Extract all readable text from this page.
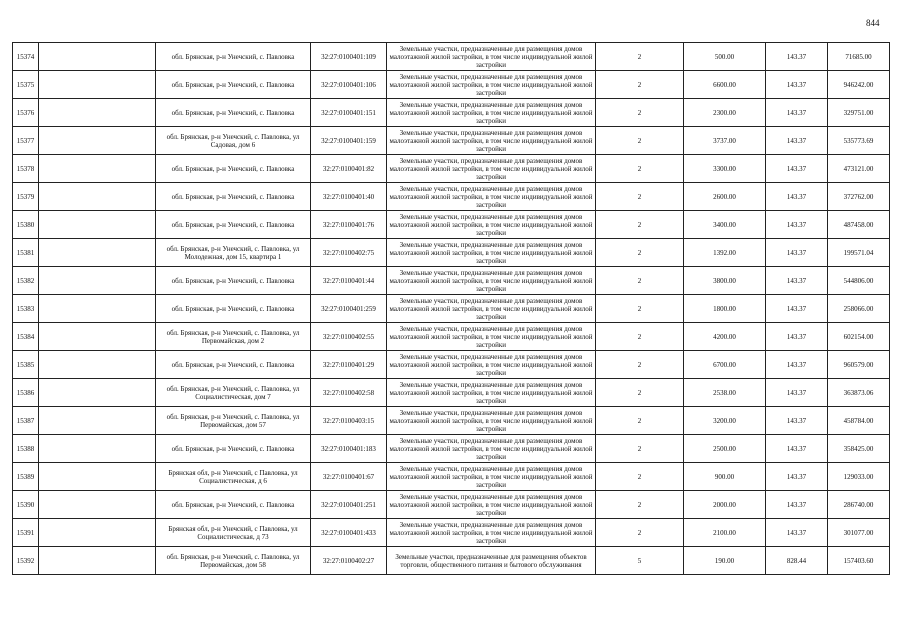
844
15374		обл. Брянская, р-н Унечский, с. Павловка	32:27:0100401:109	Земельные участки, предназначенные для размещения домов малоэтажной жилой застройки, в том числе индивидуальной жилой застройки	2	500.00	143.37	71685.00
15375		обл. Брянская, р-н Унечский, с. Павловка	32:27:0100401:106	Земельные участки, предназначенные для размещения домов малоэтажной жилой застройки, в том числе индивидуальной жилой застройки	2	6600.00	143.37	946242.00
15376		обл. Брянская, р-н Унечский, с. Павловка	32:27:0100401:151	Земельные участки, предназначенные для размещения домов малоэтажной жилой застройки, в том числе индивидуальной жилой застройки	2	2300.00	143.37	329751.00
15377		обл. Брянская, р-н Унечский, с. Павловка, ул Садовая, дом 6	32:27:0100401:159	Земельные участки, предназначенные для размещения домов малоэтажной жилой застройки, в том числе индивидуальной жилой застройки	2	3737.00	143.37	535773.69
15378		обл. Брянская, р-н Унечский, с. Павловка	32:27:0100401:82	Земельные участки, предназначенные для размещения домов малоэтажной жилой застройки, в том числе индивидуальной жилой застройки	2	3300.00	143.37	473121.00
15379		обл. Брянская, р-н Унечский, с. Павловка	32:27:0100401:40	Земельные участки, предназначенные для размещения домов малоэтажной жилой застройки, в том числе индивидуальной жилой застройки	2	2600.00	143.37	372762.00
15380		обл. Брянская, р-н Унечский, с. Павловка	32:27:0100401:76	Земельные участки, предназначенные для размещения домов малоэтажной жилой застройки, в том числе индивидуальной жилой застройки	2	3400.00	143.37	487458.00
15381		обл. Брянская, р-н Унечский, с. Павловка, ул Молодежная, дом 15, квартира 1	32:27:0100402:75	Земельные участки, предназначенные для размещения домов малоэтажной жилой застройки, в том числе индивидуальной жилой застройки	2	1392.00	143.37	199571.04
15382		обл. Брянская, р-н Унечский, с. Павловка	32:27:0100401:44	Земельные участки, предназначенные для размещения домов малоэтажной жилой застройки, в том числе индивидуальной жилой застройки	2	3800.00	143.37	544806.00
15383		обл. Брянская, р-н Унечский, с. Павловка	32:27:0100401:259	Земельные участки, предназначенные для размещения домов малоэтажной жилой застройки, в том числе индивидуальной жилой застройки	2	1800.00	143.37	258066.00
15384		обл. Брянская, р-н Унечский, с. Павловка, ул Первомайская, дом 2	32:27:0100402:55	Земельные участки, предназначенные для размещения домов малоэтажной жилой застройки, в том числе индивидуальной жилой застройки	2	4200.00	143.37	602154.00
15385		обл. Брянская, р-н Унечский, с. Павловка	32:27:0100401:29	Земельные участки, предназначенные для размещения домов малоэтажной жилой застройки, в том числе индивидуальной жилой застройки	2	6700.00	143.37	960579.00
15386		обл. Брянская, р-н Унечский, с. Павловка, ул Социалистическая, дом 7	32:27:0100402:58	Земельные участки, предназначенные для размещения домов малоэтажной жилой застройки, в том числе индивидуальной жилой застройки	2	2538.00	143.37	363873.06
15387		обл. Брянская, р-н Унечский, с. Павловка, ул Первомайская, дом 57	32:27:0100403:15	Земельные участки, предназначенные для размещения домов малоэтажной жилой застройки, в том числе индивидуальной жилой застройки	2	3200.00	143.37	458784.00
15388		обл. Брянская, р-н Унечский, с. Павловка	32:27:0100401:183	Земельные участки, предназначенные для размещения домов малоэтажной жилой застройки, в том числе индивидуальной жилой застройки	2	2500.00	143.37	358425.00
15389		Брянская обл, р-н Унечский, с Павловка, ул Социалистическая, д 6	32:27:0100401:67	Земельные участки, предназначенные для размещения домов малоэтажной жилой застройки, в том числе индивидуальной жилой застройки	2	900.00	143.37	129033.00
15390		обл. Брянская, р-н Унечский, с. Павловка	32:27:0100401:251	Земельные участки, предназначенные для размещения домов малоэтажной жилой застройки, в том числе индивидуальной жилой застройки	2	2000.00	143.37	286740.00
15391		Брянская обл, р-н Унечский, с Павловка, ул Социалистическая, д 73	32:27:0100401:433	Земельные участки, предназначенные для размещения домов малоэтажной жилой застройки, в том числе индивидуальной жилой застройки	2	2100.00	143.37	301077.00
15392		обл. Брянская, р-н Унечский, с. Павловка, ул Первомайская, дом 58	32:27:0100402:27	Земельные участки, предназначенные для размещения объектов торговли, общественного питания и бытового обслуживания	5	190.00	828.44	157403.60
